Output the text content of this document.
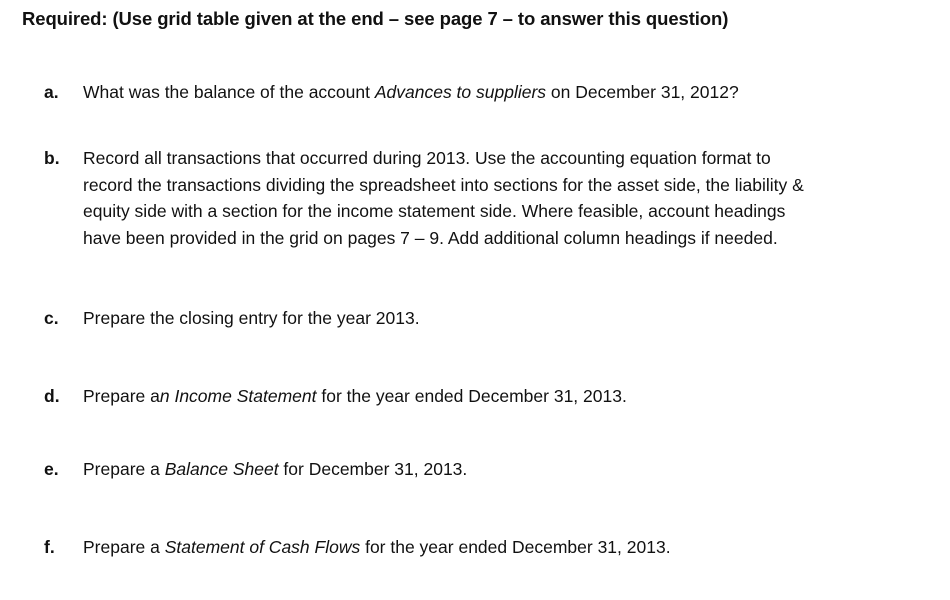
Required: (Use grid table given at the end – see page 7 – to answer this question)
a.	What was the balance of the account Advances to suppliers on December 31, 2012?
b.	Record all transactions that occurred during 2013. Use the accounting equation format to
record the transactions dividing the spreadsheet into sections for the asset side, the liability &
equity side with a section for the income statement side. Where feasible, account headings
have been provided in the grid on pages 7 – 9. Add additional column headings if needed.
c.	Prepare the closing entry for the year 2013.
d.	Prepare an Income Statement for the year ended December 31, 2013.
e.	Prepare a Balance Sheet for December 31, 2013.
f.	Prepare a Statement of Cash Flows for the year ended December 31, 2013.
